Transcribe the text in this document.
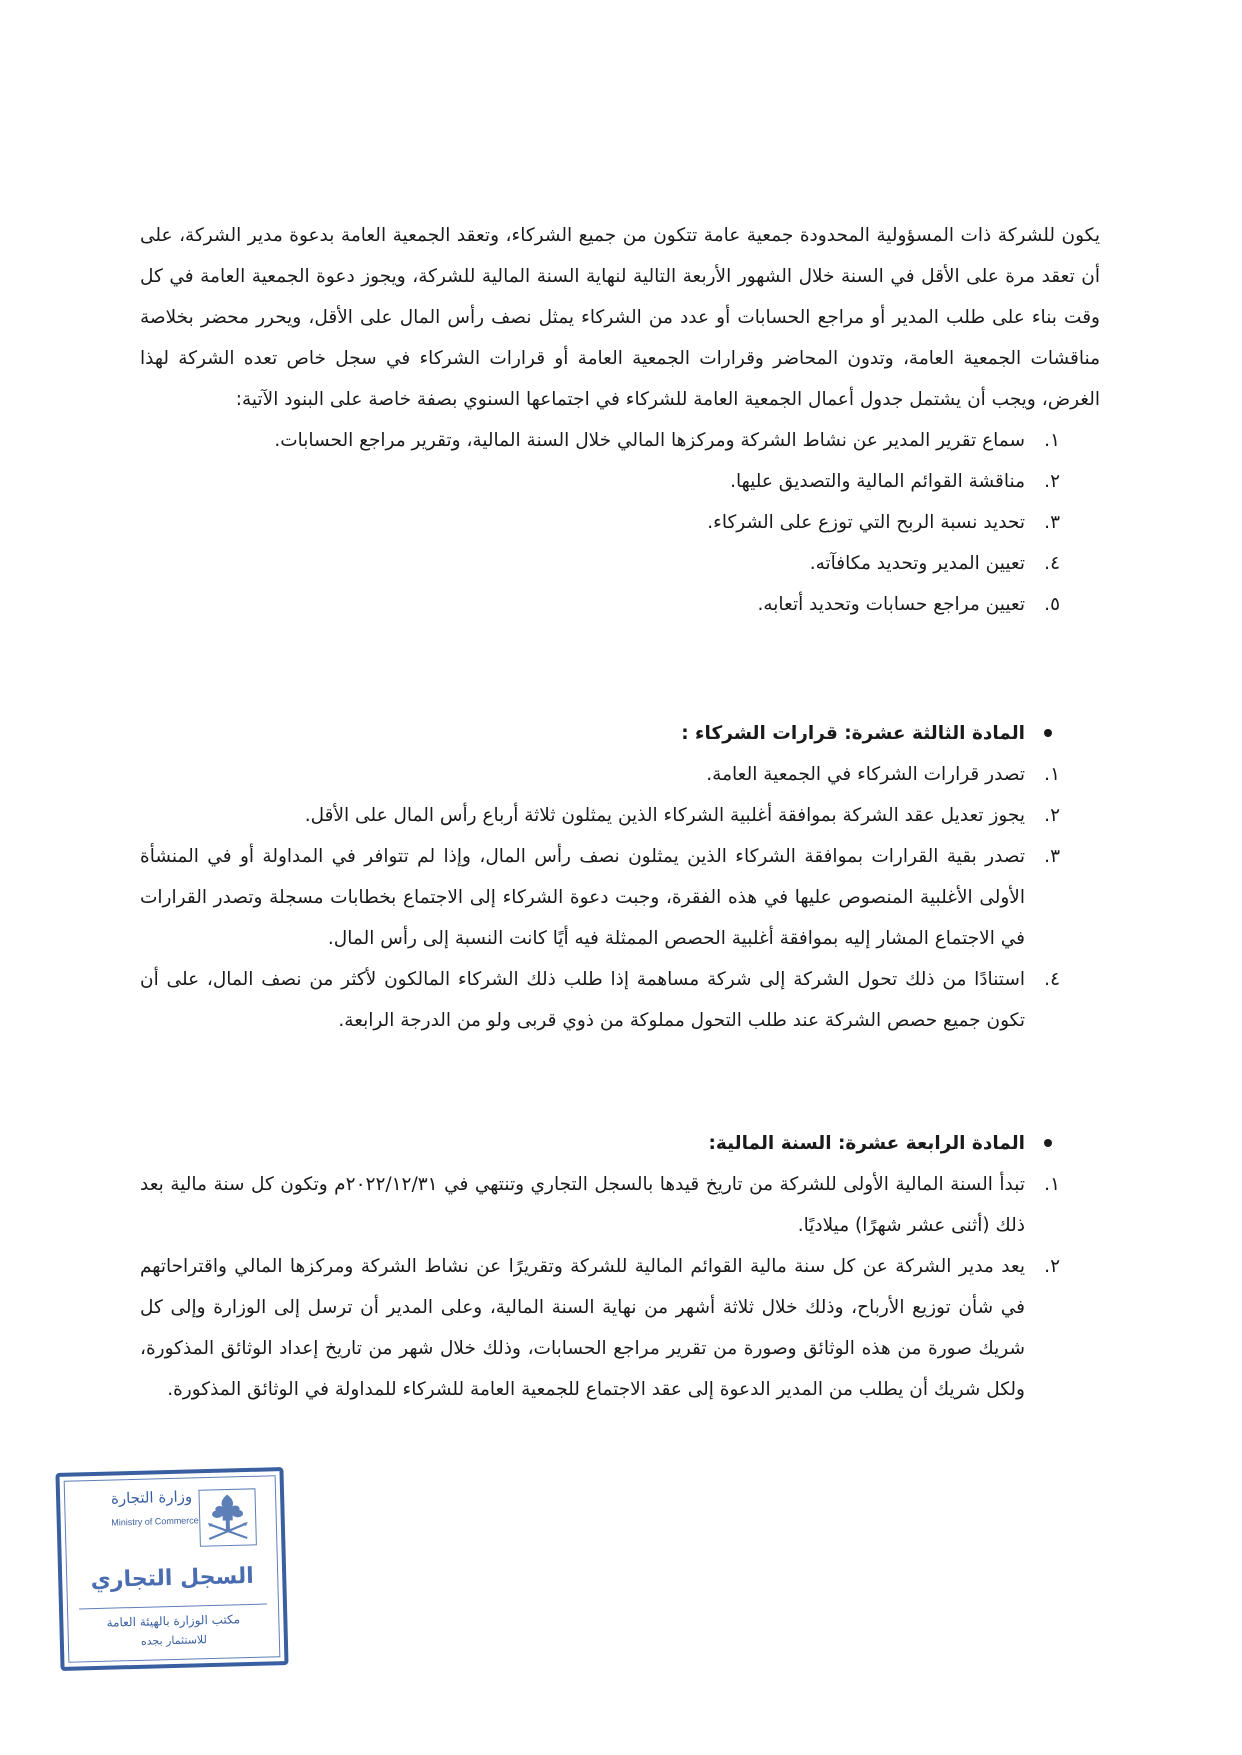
يكون للشركة ذات المسؤولية المحدودة جمعية عامة تتكون من جميع الشركاء، وتعقد الجمعية العامة بدعوة مدير الشركة، على أن تعقد مرة على الأقل في السنة خلال الشهور الأربعة التالية لنهاية السنة المالية للشركة، ويجوز دعوة الجمعية العامة في كل وقت بناء على طلب المدير أو مراجع الحسابات أو عدد من الشركاء يمثل نصف رأس المال على الأقل، ويحرر محضر بخلاصة مناقشات الجمعية العامة، وتدون المحاضر وقرارات الجمعية العامة أو قرارات الشركاء في سجل خاص تعده الشركة لهذا الغرض، ويجب أن يشتمل جدول أعمال الجمعية العامة للشركاء في اجتماعها السنوي بصفة خاصة على البنود الآتية:

١.
سماع تقرير المدير عن نشاط الشركة ومركزها المالي خلال السنة المالية، وتقرير مراجع الحسابات.
٢.
مناقشة القوائم المالية والتصديق عليها.
٣.
تحديد نسبة الربح التي توزع على الشركاء.
٤.
تعيين المدير وتحديد مكافآته.
٥.
تعيين مراجع حسابات وتحديد أتعابه.

المادة الثالثة عشرة: قرارات الشركاء :

١.
تصدر قرارات الشركاء في الجمعية العامة.
٢.
يجوز تعديل عقد الشركة بموافقة أغلبية الشركاء الذين يمثلون ثلاثة أرباع رأس المال على الأقل.
٣.
تصدر بقية القرارات بموافقة الشركاء الذين يمثلون نصف رأس المال، وإذا لم تتوافر في المداولة أو في المنشأة الأولى الأغلبية المنصوص عليها في هذه الفقرة، وجبت دعوة الشركاء إلى الاجتماع بخطابات مسجلة وتصدر القرارات في الاجتماع المشار إليه بموافقة أغلبية الحصص الممثلة فيه أيًا كانت النسبة إلى رأس المال.
٤.
استنادًا من ذلك تحول الشركة إلى شركة مساهمة إذا طلب ذلك الشركاء المالكون لأكثر من نصف المال، على أن تكون جميع حصص الشركة عند طلب التحول مملوكة من ذوي قربى ولو من الدرجة الرابعة.

المادة الرابعة عشرة: السنة المالية:

١.
تبدأ السنة المالية الأولى للشركة من تاريخ قيدها بالسجل التجاري وتنتهي في ٢٠٢٢/١٢/٣١م وتكون كل سنة مالية بعد ذلك (أثنى عشر شهرًا) ميلاديًا.
٢.
يعد مدير الشركة عن كل سنة مالية القوائم المالية للشركة وتقريرًا عن نشاط الشركة ومركزها المالي واقتراحاتهم في شأن توزيع الأرباح، وذلك خلال ثلاثة أشهر من نهاية السنة المالية، وعلى المدير أن ترسل إلى الوزارة وإلى كل شريك صورة من هذه الوثائق وصورة من تقرير مراجع الحسابات، وذلك خلال شهر من تاريخ إعداد الوثائق المذكورة، ولكل شريك أن يطلب من المدير الدعوة إلى عقد الاجتماع للجمعية العامة للشركاء للمداولة في الوثائق المذكورة.
وزارة التجارة
Ministry of Commerce
السجل التجاري
مكتب الوزارة بالهيئة العامة
للاستثمار بجده
